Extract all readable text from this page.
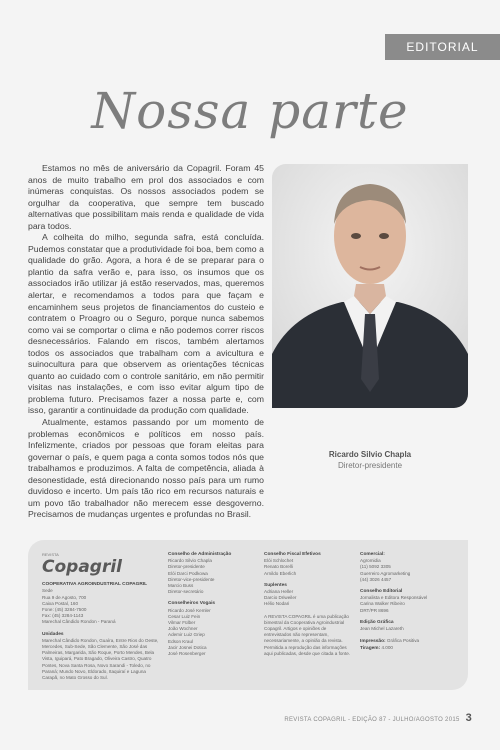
EDITORIAL
Nossa parte

Estamos no mês de aniversário da Copagril. Foram 45 anos de muito trabalho em prol dos associados e com inúmeras conquistas. Os nossos associados podem se orgulhar da cooperativa, que sempre tem buscado alternativas que possibilitam mais renda e qualidade de vida para todos.

A colheita do milho, segunda safra, está concluída. Pudemos constatar que a produtividade foi boa, bem como a qualidade do grão. Agora, a hora é de se preparar para o plantio da safra verão e, para isso, os insumos que os associados irão utilizar já estão reservados, mas, queremos alertar, e recomendamos a todos para que façam e encaminhem seus projetos de financiamentos do custeio e contratem o Proagro ou o Seguro, porque nunca sabemos como vai se comportar o clima e não podemos correr riscos desnecessários. Falando em riscos, também alertamos todos os associados que trabalham com a avicultura e suinocultura para que observem as orientações técnicas quanto ao cuidado com o controle sanitário, em não permitir visitas nas instalações, e com isso evitar algum tipo de problema futuro. Precisamos fazer a nossa parte e, com isso, garantir a continuidade da produção com qualidade.

Atualmente, estamos passando por um momento de problemas econômicos e políticos em nosso país. Infelizmente, criados por pessoas que foram eleitas para governar o país, e quem paga a conta somos todos nós que trabalhamos e produzimos. A falta de competência, aliada à desonestidade, está direcionando nosso país para um rumo duvidoso e incerto. Um país tão rico em recursos naturais e um povo tão trabalhador não merecem esse desgoverno. Precisamos de mudanças urgentes e profundas no Brasil.

Ricardo Silvio Chapla
Diretor-presidente
REVISTA
Copagril
COOPERATIVA AGROINDUSTRIAL COPAGRIL
Sede
Rua 9 de Agosto, 700
Caixa Postal, 160
Fone: (45) 3284-7500
Fax: (45) 3284-1143
Marechal Cândido Rondon - Paraná
Unidades
Marechal Cândido Rondon, Guaíra, Entre Rios do Oeste, Mercedes, Sub-Sede, São Clemente, São José das Palmeiras, Margarida, São Roque, Porto Mendes, Bela Vista, Iguipará, Pato Bragado, Oliveira Castro, Quatro Pontes, Nova Santa Rosa, Novo Sarandi - Toledo, no Paraná; Mundo Novo, Eldorado, Itaquiraí e Laguna Carapã, no Mato Grosso do Sul.
Conselho de Administração
Ricardo Silvio Chapla
Diretor-presidente
Elói Darci Podkowa
Diretor-vice-presidente
Marcio Buss
Diretor-secretário
Conselheiros Vogais
Ricardo José Kemler
Cesar Luiz Fein
Vilmar Fülber
João Wochner
Ademir Luiz Griep
Edson Kraul
Jacir Josnei Dotica
José Rosenberger
Conselho Fiscal Efetivos
Elói Schlochet
Renato Borelli
Arnildo Eberlich
Suplentes
Adriana Heller
Darcio Driweiler
Hélio Nodari
A REVISTA COPAGRIL é uma publicação bimestral da Cooperativa Agroindustrial Copagril. Artigos e opiniões de entrevistados não representam, necessariamente, a opinião da revista. Permitida a reprodução das informações aqui publicadas, desde que citada a fonte.
Comercial:
Agromidia
(11) 5092 3305
Guerreiro Agromarketing
(44) 3026 4457
Conselho Editorial
Jornalista e Editora Responsável
Carina Walker Ribeiro
DRT/PR 8696
Edição Gráfica
Jean Michel Lazareth
Impressão: Gráfica Positiva
Tiragem: 4.000
REVISTA COPAGRIL - EDIÇÃO 87 - JULHO/AGOSTO 2015 3
